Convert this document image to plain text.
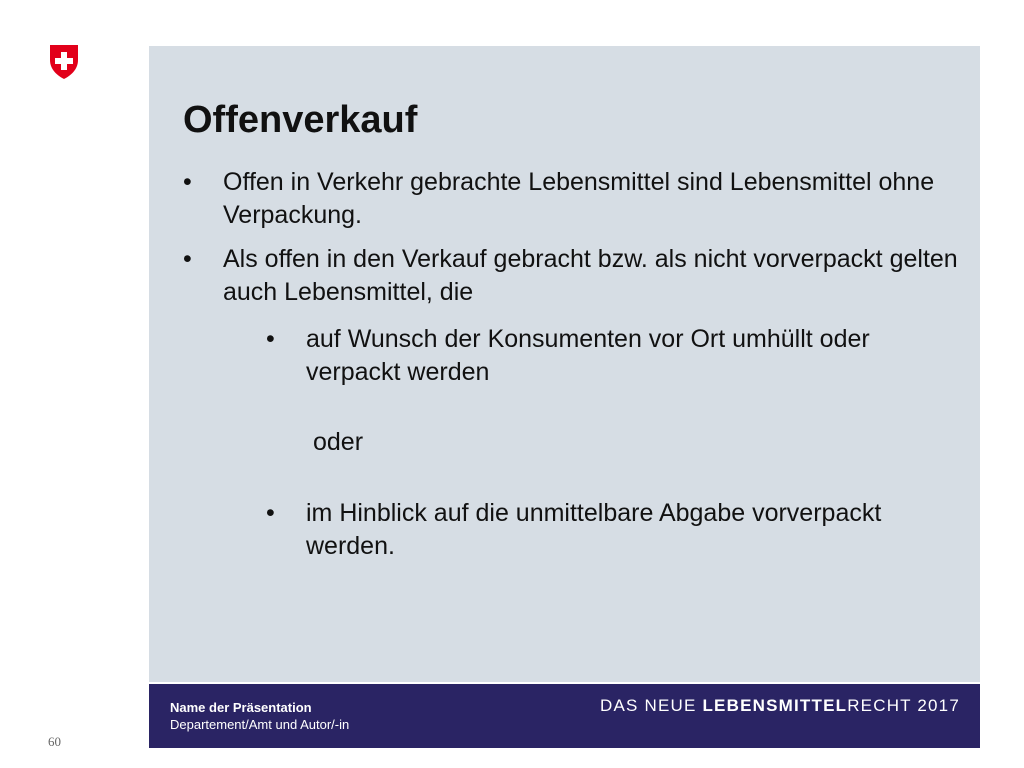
Offenverkauf
• Offen in Verkehr gebrachte Lebensmittel sind Lebensmittel ohne Verpackung.
• Als offen in den Verkauf gebracht bzw. als nicht vorverpackt gelten auch Lebensmittel, die
• auf Wunsch der Konsumenten vor Ort umhüllt oder verpackt werden
oder
• im Hinblick auf die unmittelbare Abgabe vorverpackt werden.
Name der Präsentation
Departement/Amt und Autor/-in
DAS NEUE LEBENSMITTELRECHT 2017
60
